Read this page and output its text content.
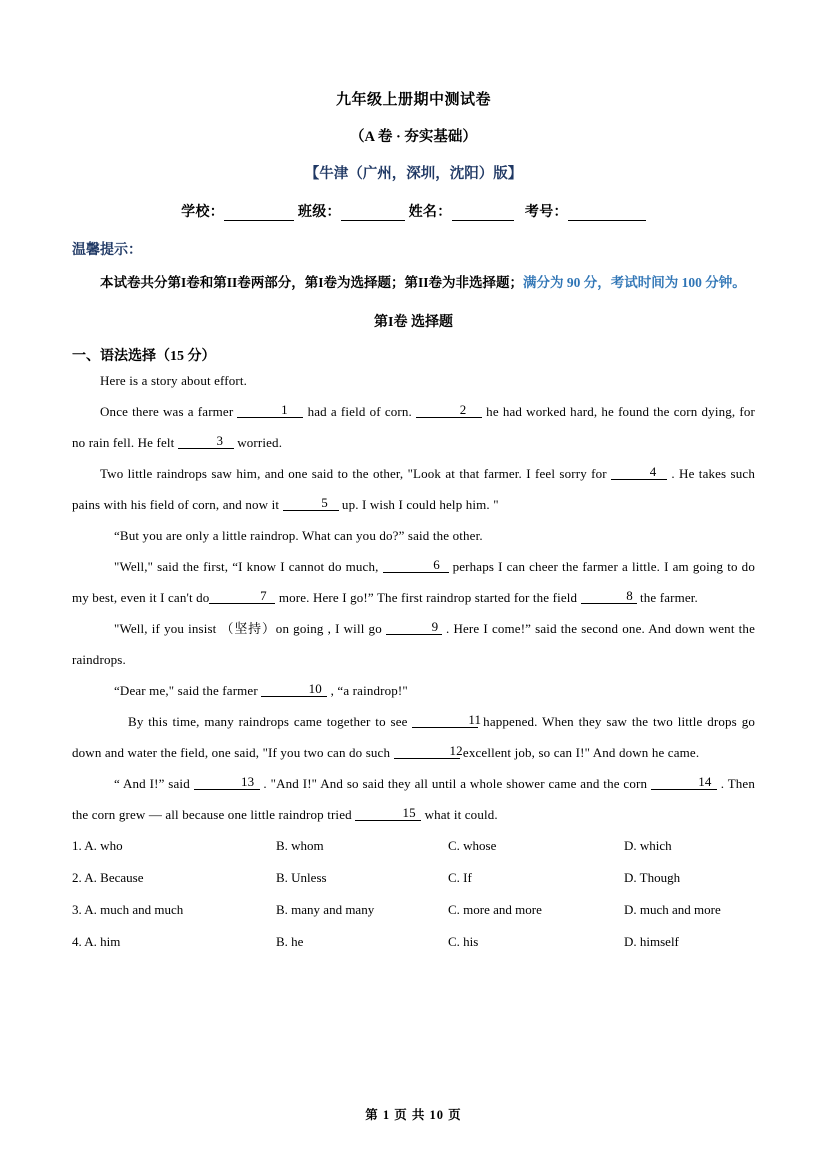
九年级上册期中测试卷
（A 卷 · 夯实基础）
【牛津（广州，深圳，沈阳）版】
学校：	班级：	姓名：	考号：
温馨提示：
本试卷共分第I卷和第II卷两部分，第I卷为选择题；第II卷为非选择题；满分为 90 分，考试时间为 100 分钟。
第I卷 选择题
一、语法选择（15 分）

Here is a story about effort.

Once there was a farmer	1 had a field of corn.	2 he had worked hard, he found the corn dying, for no rain fell. He felt	3 worried.

Two little raindrops saw him, and one said to the other, "Look at that farmer. I feel sorry for	4 . He takes such pains with his field of corn, and now it	5 up. I wish I could help him. "

“But you are only a little raindrop. What can you do?” said the other.

"Well," said the first, “I know I cannot do much,	6 perhaps I can cheer the farmer a little. I am going to do my best, even it I can't do	7 more. Here I go!” The first raindrop started for the field	8 the farmer.

"Well, if you insist （坚持）on going , I will go	9 . Here I come!” said the second one. And down went the raindrops.

“Dear me," said the farmer	10 , “a raindrop!"

By this time, many raindrops came together to see	11 happened. When they saw the two little drops go down and water the field, one said, "If you two can do such	12 excellent job, so can I!" And down he came.

“ And I!” said	13 . "And I!" And so said they all until a whole shower came and the corn	14 . Then the corn grew — all because one little raindrop tried	15 what it could.

1. A. who	B. whom	C. whose	D. which
2. A. Because	B. Unless	C. If	D. Though
3. A. much and much	B. many and many	C. more and more	D. much and more
4. A. him	B. he	C. his	D. himself
第 1 页 共 10 页
